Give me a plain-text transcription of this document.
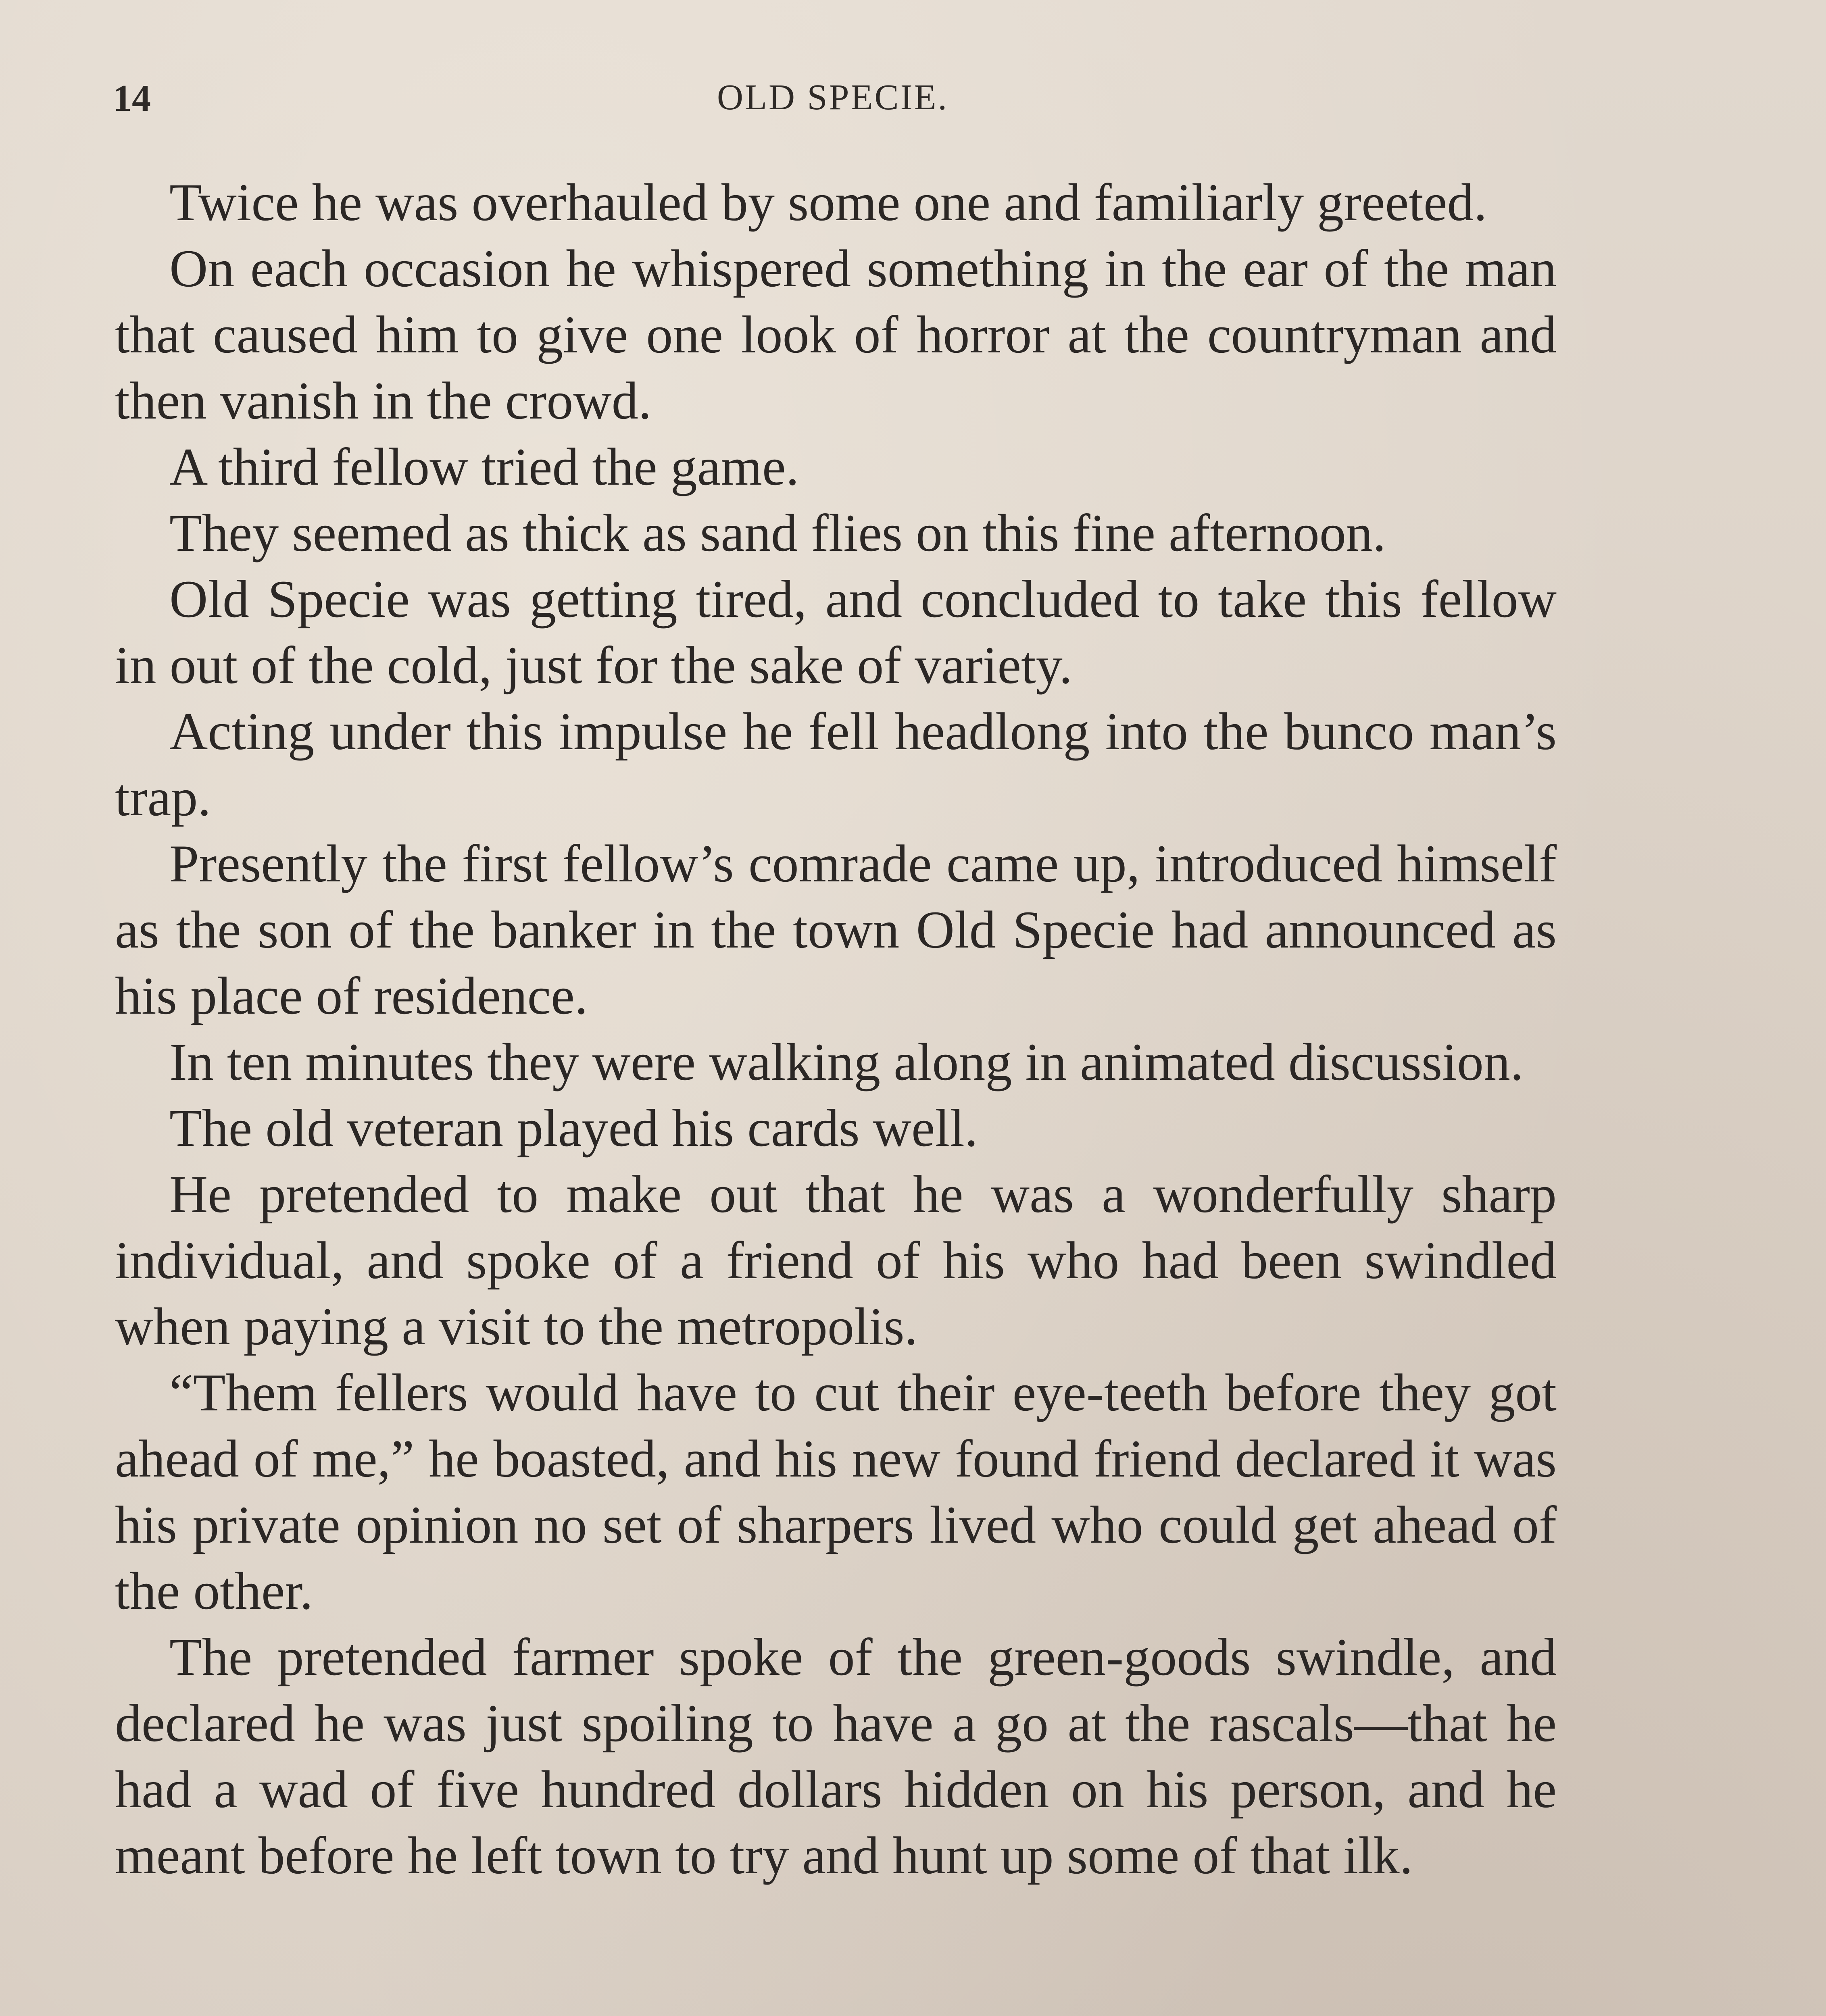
14	OLD SPECIE.

Twice he was overhauled by some one and familiarly greeted.

On each occasion he whispered something in the ear of the man that caused him to give one look of horror at the countryman and then vanish in the crowd.

A third fellow tried the game.

They seemed as thick as sand flies on this fine afternoon.

Old Specie was getting tired, and concluded to take this fellow in out of the cold, just for the sake of variety.

Acting under this impulse he fell headlong into the bunco man’s trap.

Presently the first fellow’s comrade came up, introduced himself as the son of the banker in the town Old Specie had announced as his place of residence.

In ten minutes they were walking along in animated discussion.

The old veteran played his cards well.

He pretended to make out that he was a wonderfully sharp individual, and spoke of a friend of his who had been swindled when paying a visit to the metropolis.

“Them fellers would have to cut their eye-teeth before they got ahead of me,” he boasted, and his new found friend declared it was his private opinion no set of sharpers lived who could get ahead of the other.

The pretended farmer spoke of the green-goods swindle, and declared he was just spoiling to have a go at the rascals—that he had a wad of five hundred dollars hidden on his person, and he meant before he left town to try and hunt up some of that ilk.
